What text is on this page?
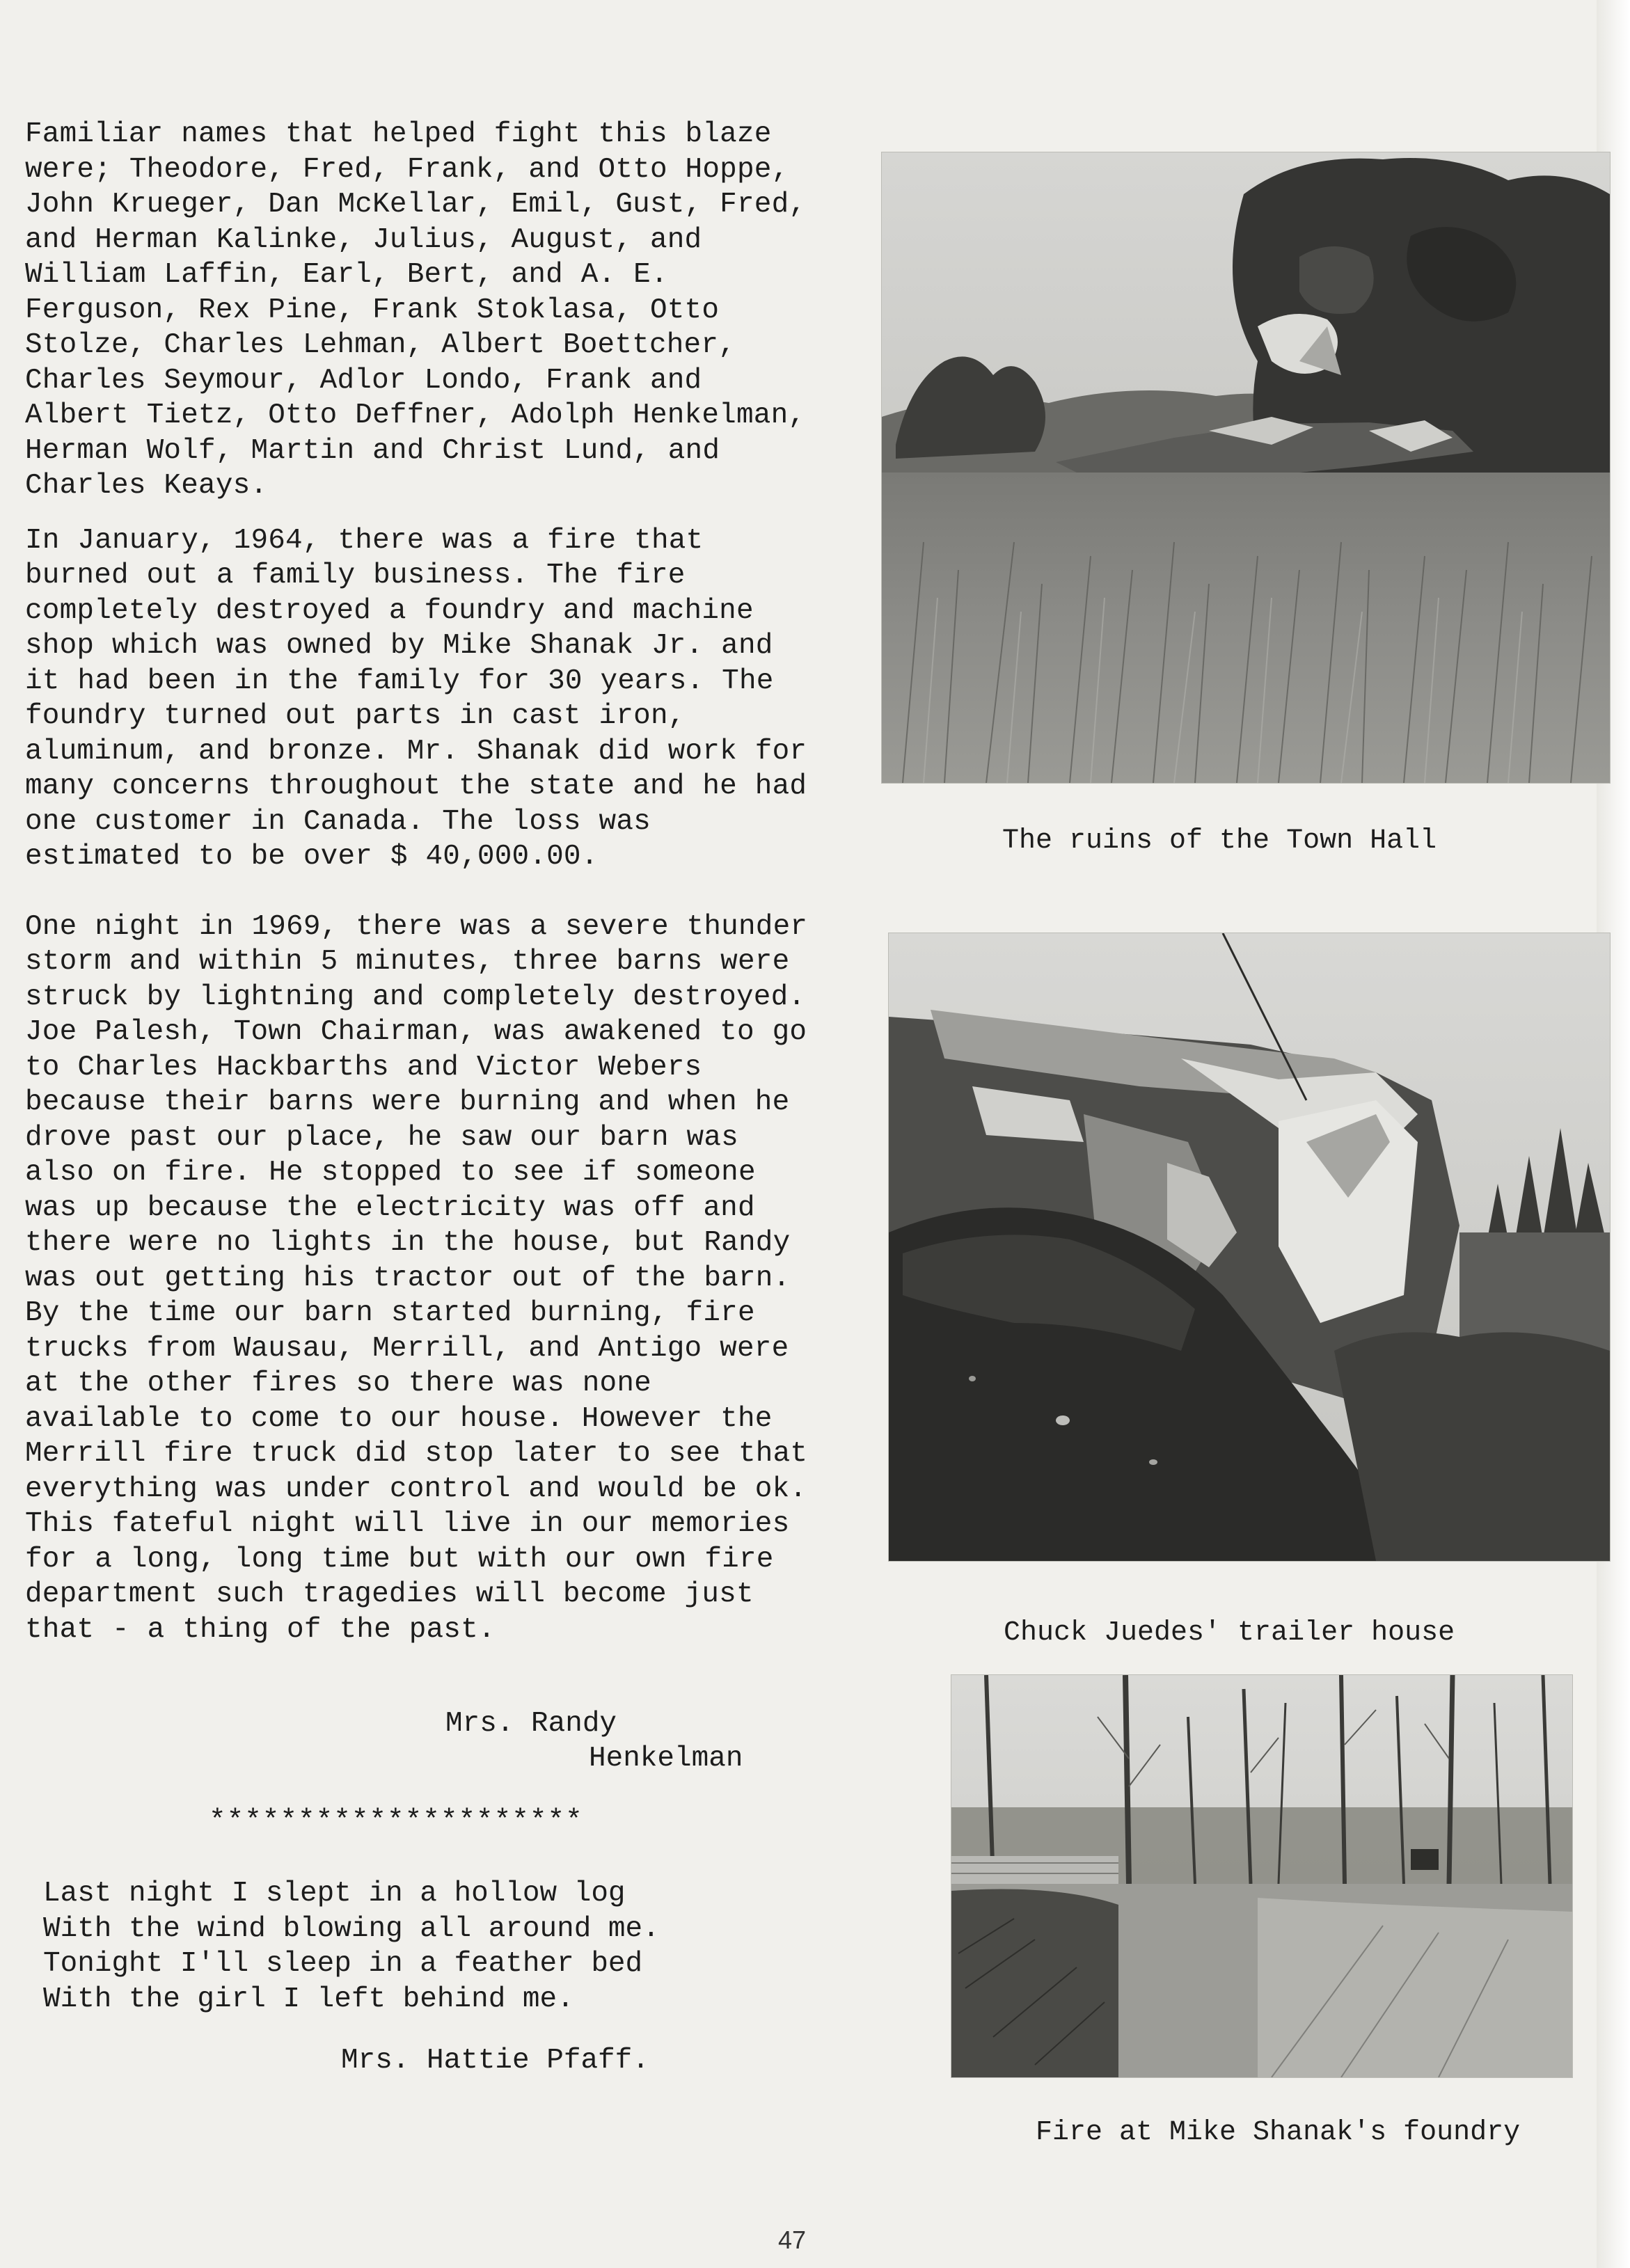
Familiar names that helped fight this blaze were; Theodore, Fred, Frank, and Otto Hoppe, John Krueger, Dan McKellar, Emil, Gust, Fred, and Herman Kalinke, Julius, August, and William Laffin, Earl, Bert, and A. E. Ferguson, Rex Pine, Frank Stoklasa, Otto Stolze, Charles Lehman, Albert Boettcher, Charles Seymour, Adlor Londo, Frank and Albert Tietz, Otto Deffner, Adolph Henkelman, Herman Wolf, Martin and Christ Lund, and Charles Keays.

In January, 1964, there was a fire that burned out a family business. The fire completely destroyed a foundry and machine shop which was owned by Mike Shanak Jr. and it had been in the family for 30 years. The foundry turned out parts in cast iron, aluminum, and bronze. Mr. Shanak did work for many concerns throughout the state and he had one customer in Canada. The loss was estimated to be over $ 40,000.00.

One night in 1969, there was a severe thunder storm and within 5 minutes, three barns were struck by lightning and completely destroyed. Joe Palesh, Town Chairman, was awakened to go to Charles Hackbarths and Victor Webers because their barns were burning and when he drove past our place, he saw our barn was also on fire. He stopped to see if someone was up because the electricity was off and there were no lights in the house, but Randy was out getting his tractor out of the barn. By the time our barn started burning, fire trucks from Wausau, Merrill, and Antigo were at the other fires so there was none available to come to our house. However the Merrill fire truck did stop later to see that everything was under control and would be ok. This fateful night will live in our memories for a long, long time but with our own fire department such tragedies will become just that - a thing of the past.

Mrs. Randy
Henkelman
*********************
Last night I slept in a hollow log
With the wind blowing all around me.
Tonight I'll sleep in a feather bed
With the girl I left behind me.
Mrs. Hattie Pfaff.
The ruins of the Town Hall
Chuck Juedes' trailer house
Fire at Mike Shanak's foundry
47
